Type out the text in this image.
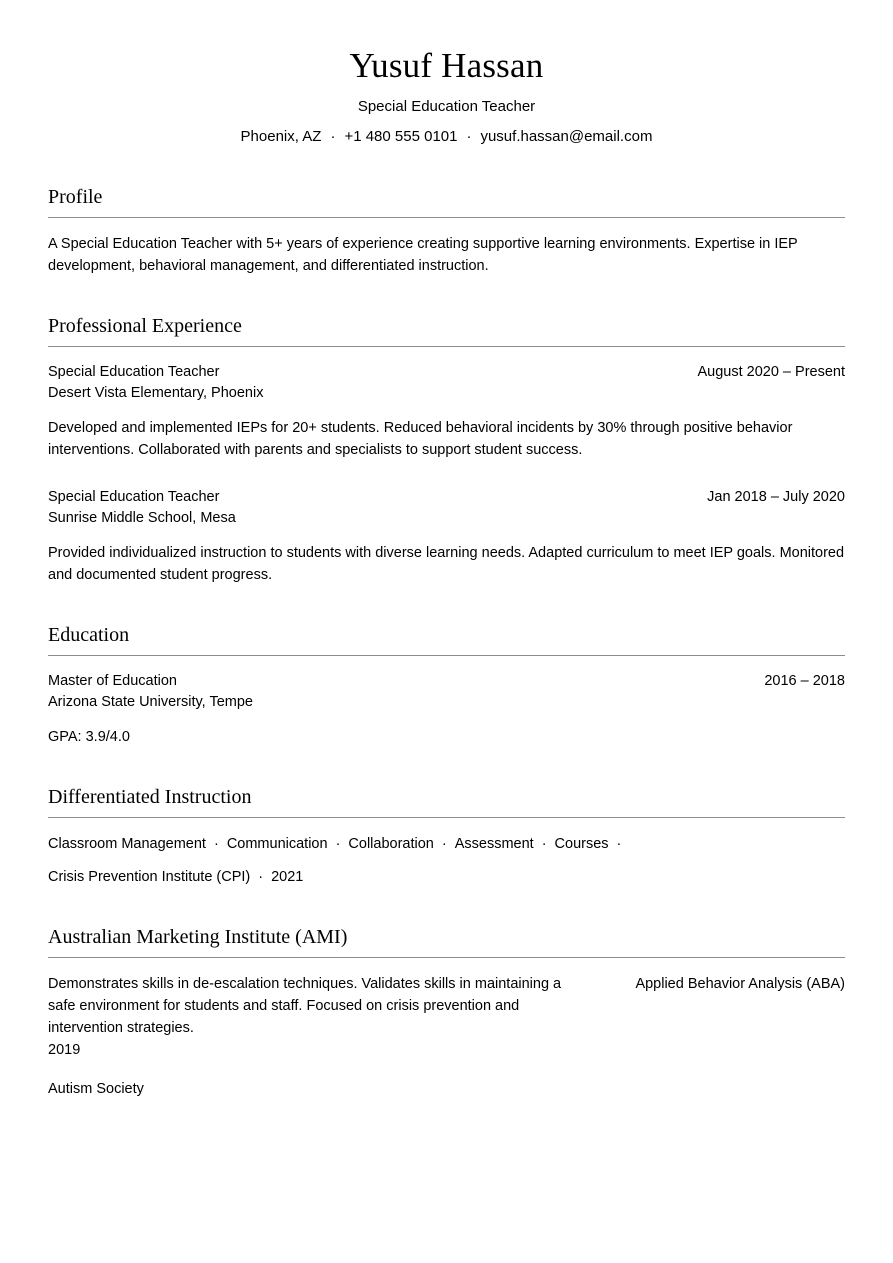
Yusuf Hassan
Special Education Teacher
Phoenix, AZ · +1 480 555 0101 · yusuf.hassan@email.com
Profile

A Special Education Teacher with 5+ years of experience creating supportive learning environments. Expertise in IEP development, behavioral management, and differentiated instruction.

Professional Experience
Special Education Teacher
Desert Vista Elementary, Phoenix
August 2020 – Present

Developed and implemented IEPs for 20+ students. Reduced behavioral incidents by 30% through positive behavior interventions. Collaborated with parents and specialists to support student success.

Special Education Teacher
Sunrise Middle School, Mesa
Jan 2018 – July 2020

Provided individualized instruction to students with diverse learning needs. Adapted curriculum to meet IEP goals. Monitored and documented student progress.

Education
Master of Education
Arizona State University, Tempe
2016 – 2018

GPA: 3.9/4.0

Differentiated Instruction

Classroom Management · Communication · Collaboration · Assessment · Courses ·

Crisis Prevention Institute (CPI) · 2021

Australian Marketing Institute (AMI)
Demonstrates skills in de-escalation techniques. Validates skills in maintaining a safe environment for students and staff. Focused on crisis prevention and intervention strategies.
2019
Applied Behavior Analysis (ABA)

Autism Society
